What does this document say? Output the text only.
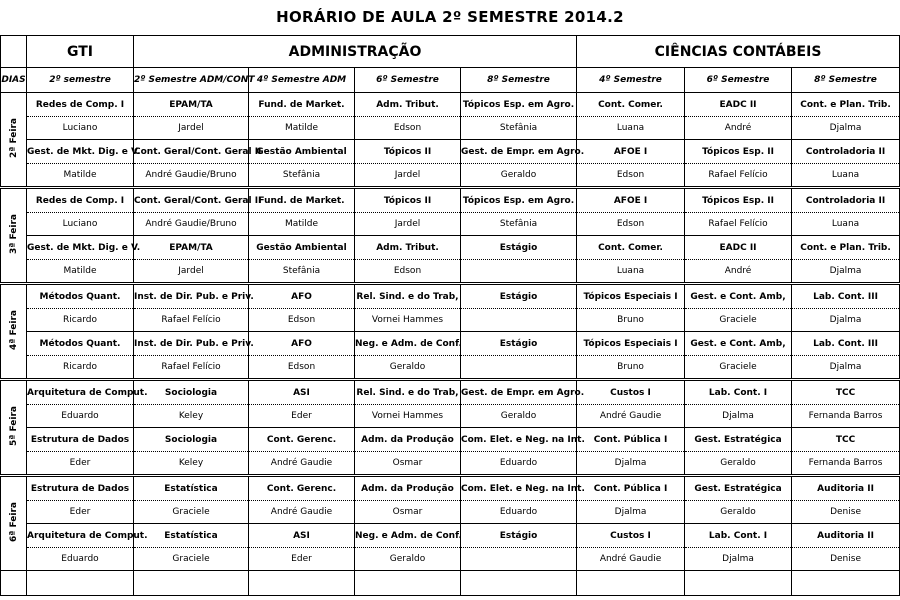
HORÁRIO DE AULA 2º SEMESTRE 2014.2
	GTI	ADMINISTRAÇÃO				CIÊNCIAS CONTÁBEIS		
DIAS	2º semestre	2º Semestre ADM/CONT	4º Semestre ADM	6º Semestre	8º Semestre	4º Semestre	6º Semestre	8º Semestre
2ª Feira	Redes de Comp. I	EPAM/TA	Fund. de Market.	Adm. Tribut.	Tópicos Esp. em Agro.	Cont. Comer.	EADC II	Cont. e Plan. Trib.
	Luciano	Jardel	Matilde	Edson	Stefânia	Luana	André	Djalma
	Gest. de Mkt. Dig. e V.	Cont. Geral/Cont. Geral II	Gestão Ambiental	Tópicos II	Gest. de Empr. em Agro.	AFOE I	Tópicos Esp. II	Controladoria II
	Matilde	André Gaudie/Bruno	Stefânia	Jardel	Geraldo	Edson	Rafael Felício	Luana

3ª Feira	Redes de Comp. I	Cont. Geral/Cont. Geral II	Fund. de Market.	Tópicos II	Tópicos Esp. em Agro.	AFOE I	Tópicos Esp. II	Controladoria II
	Luciano	André Gaudie/Bruno	Matilde	Jardel	Stefânia	Edson	Rafael Felício	Luana
	Gest. de Mkt. Dig. e V.	EPAM/TA	Gestão Ambiental	Adm. Tribut.	Estágio	Cont. Comer.	EADC II	Cont. e Plan. Trib.
	Matilde	Jardel	Stefânia	Edson		Luana	André	Djalma

4ª Feira	Métodos Quant.	Inst. de Dir. Pub. e Priv.	AFO	Rel. Sind. e do Trab,	Estágio	Tópicos Especiais I	Gest. e Cont. Amb,	Lab. Cont. III
	Ricardo	Rafael Felício	Edson	Vornei Hammes		Bruno	Graciele	Djalma
	Métodos Quant.	Inst. de Dir. Pub. e Priv.	AFO	Neg. e Adm. de Conf.	Estágio	Tópicos Especiais I	Gest. e Cont. Amb,	Lab. Cont. III
	Ricardo	Rafael Felício	Edson	Geraldo		Bruno	Graciele	Djalma

5ª Feira	Arquitetura de Comput.	Sociologia	ASI	Rel. Sind. e do Trab,	Gest. de Empr. em Agro.	Custos I	Lab. Cont. I	TCC
	Eduardo	Keley	Eder	Vornei Hammes	Geraldo	André Gaudie	Djalma	Fernanda Barros
	Estrutura de Dados	Sociologia	Cont. Gerenc.	Adm. da Produção	Com. Elet. e Neg. na Int.	Cont. Pública I	Gest. Estratégica	TCC
	Eder	Keley	André Gaudie	Osmar	Eduardo	Djalma	Geraldo	Fernanda Barros

6ª Feira	Estrutura de Dados	Estatística	Cont. Gerenc.	Adm. da Produção	Com. Elet. e Neg. na Int.	Cont. Pública I	Gest. Estratégica	Auditoria II
	Eder	Graciele	André Gaudie	Osmar	Eduardo	Djalma	Geraldo	Denise
	Arquitetura de Comput.	Estatística	ASI	Neg. e Adm. de Conf.	Estágio	Custos I	Lab. Cont. I	Auditoria II
	Eduardo	Graciele	Eder	Geraldo		André Gaudie	Djalma	Denise
